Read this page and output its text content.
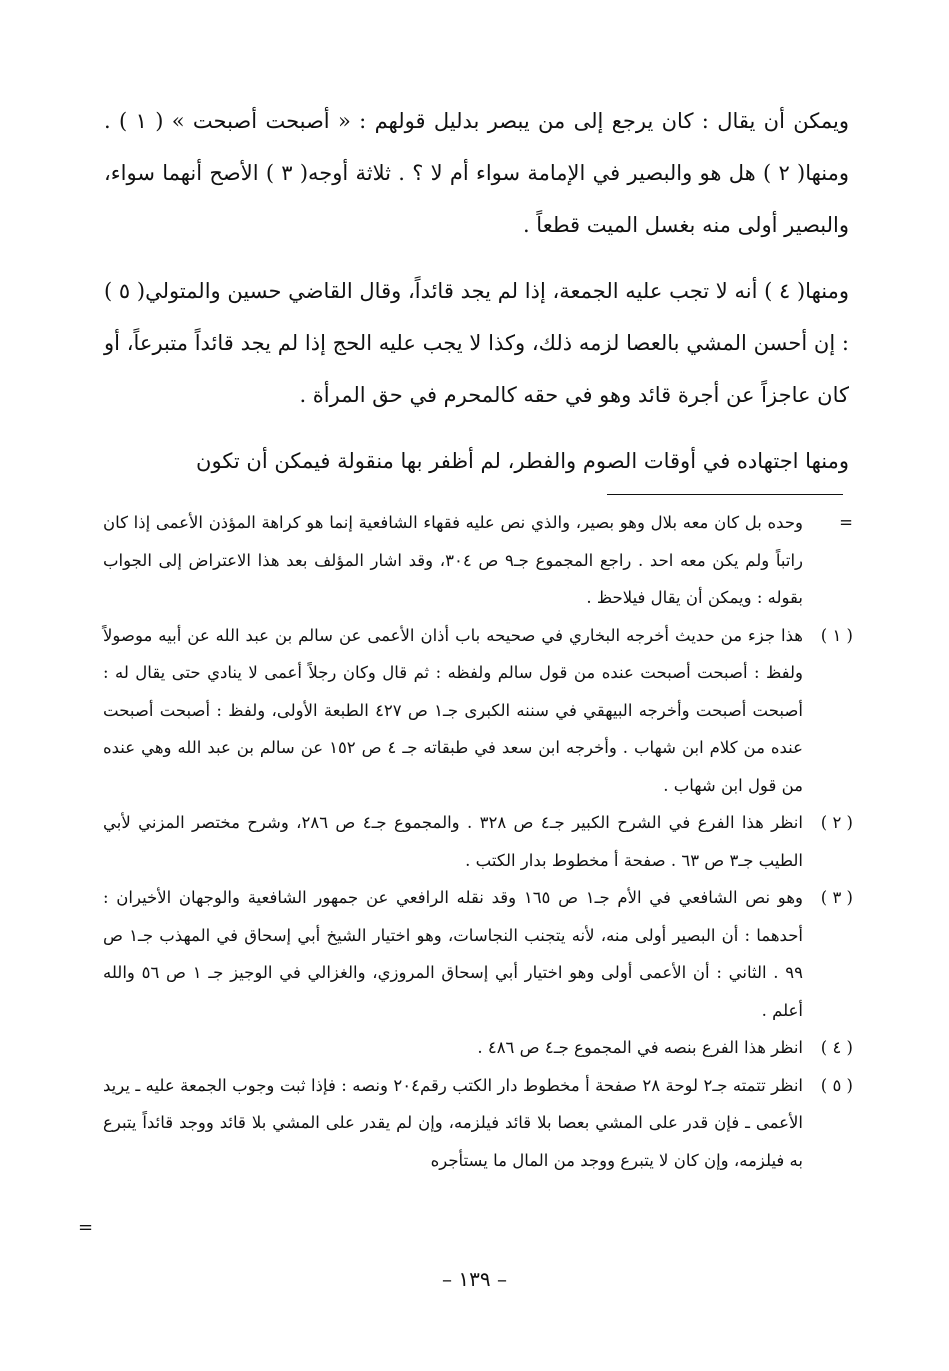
ويمكن أن يقال : كان يرجع إلى من يبصر بدليل قولهم : « أصبحت أصبحت » ( ١ ) . ومنها( ٢ ) هل هو والبصير في الإمامة سواء أم لا ؟ . ثلاثة أوجه( ٣ ) الأصح أنهما سواء، والبصير أولى منه بغسل الميت قطعاً .

ومنها( ٤ ) أنه لا تجب عليه الجمعة، إذا لم يجد قائداً، وقال القاضي حسين والمتولي( ٥ ) : إن أحسن المشي بالعصا لزمه ذلك، وكذا لا يجب عليه الحج إذا لم يجد قائداً متبرعاً، أو كان عاجزاً عن أجرة قائد وهو في حقه كالمحرم في حق المرأة .

ومنها اجتهاده في أوقات الصوم والفطر، لم أظفر بها منقولة فيمكن أن تكون

=
وحده بل كان معه بلال وهو بصير، والذي نص عليه فقهاء الشافعية إنما هو كراهة المؤذن الأعمى إذا كان راتباً ولم يكن معه احد . راجع المجموع جـ٩ ص ٣٠٤، وقد اشار المؤلف بعد هذا الاعتراض إلى الجواب بقوله : ويمكن أن يقال فيلاحظ .

( ١ )
هذا جزء من حديث أخرجه البخاري في صحيحه باب أذان الأعمى عن سالم بن عبد الله عن أبيه موصولاً ولفظ : أصبحت أصبحت عنده من قول سالم ولفظه : ثم قال وكان رجلاً أعمى لا ينادي حتى يقال له : أصبحت أصبحت وأخرجه البيهقي في سننه الكبرى جـ١ ص ٤٢٧ الطبعة الأولى، ولفظ : أصبحت أصبحت عنده من كلام ابن شهاب . وأخرجه ابن سعد في طبقاته جـ ٤ ص ١٥٢ عن سالم بن عبد الله وهي عنده من قول ابن شهاب .

( ٢ )
انظر هذا الفرع في الشرح الكبير جـ٤ ص ٣٢٨ . والمجموع جـ٤ ص ٢٨٦، وشرح مختصر المزني لأبي الطيب جـ٣ ص ٦٣ . صفحة أ مخطوط بدار الكتب .

( ٣ )
وهو نص الشافعي في الأم جـ١ ص ١٦٥ وقد نقله الرافعي عن جمهور الشافعية والوجهان الأخيران : أحدهما : أن البصير أولى منه، لأنه يتجنب النجاسات، وهو اختيار الشيخ أبي إسحاق في المهذب جـ١ ص ٩٩ . الثاني : أن الأعمى أولى وهو اختيار أبي إسحاق المروزي، والغزالي في الوجيز جـ ١ ص ٥٦ والله أعلم .

( ٤ )
انظر هذا الفرع بنصه في المجموع جـ٤ ص ٤٨٦ .

( ٥ )
انظر تتمته جـ٢ لوحة ٢٨ صفحة أ مخطوط دار الكتب رقم٢٠٤ ونصه : فإذا ثبت وجوب الجمعة عليه ـ يريد الأعمى ـ فإن قدر على المشي بعصا بلا قائد فيلزمه، وإن لم يقدر على المشي بلا قائد ووجد قائداً يتبرع به فيلزمه، وإن كان لا يتبرع ووجد من المال ما يستأجره

=
– ١٣٩ –
